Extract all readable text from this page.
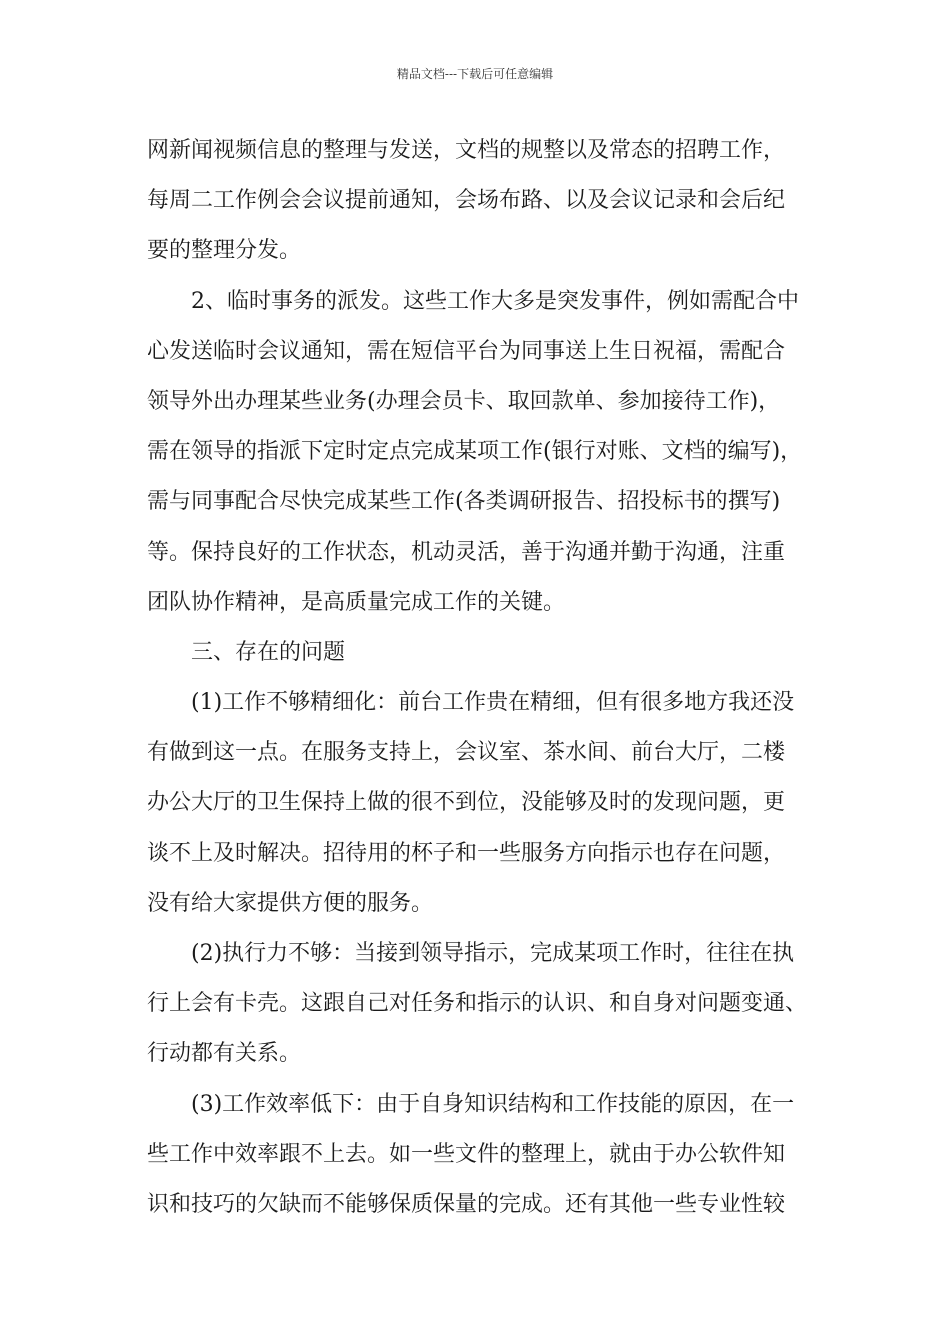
精品文档---下载后可任意编辑
网新闻视频信息的整理与发送，文档的规整以及常态的招聘工作，
每周二工作例会会议提前通知，会场布路、以及会议记录和会后纪
要的整理分发。
2、临时事务的派发。这些工作大多是突发事件，例如需配合中
心发送临时会议通知，需在短信平台为同事送上生日祝福，需配合
领导外出办理某些业务(办理会员卡、取回款单、参加接待工作)，
需在领导的指派下定时定点完成某项工作(银行对账、文档的编写)，
需与同事配合尽快完成某些工作(各类调研报告、招投标书的撰写)
等。保持良好的工作状态，机动灵活，善于沟通并勤于沟通，注重
团队协作精神，是高质量完成工作的关键。
三、存在的问题
(1)工作不够精细化：前台工作贵在精细，但有很多地方我还没
有做到这一点。在服务支持上，会议室、茶水间、前台大厅，二楼
办公大厅的卫生保持上做的很不到位，没能够及时的发现问题，更
谈不上及时解决。招待用的杯子和一些服务方向指示也存在问题，
没有给大家提供方便的服务。
(2)执行力不够：当接到领导指示，完成某项工作时，往往在执
行上会有卡壳。这跟自己对任务和指示的认识、和自身对问题变通、
行动都有关系。
(3)工作效率低下：由于自身知识结构和工作技能的原因，在一
些工作中效率跟不上去。如一些文件的整理上，就由于办公软件知
识和技巧的欠缺而不能够保质保量的完成。还有其他一些专业性较
